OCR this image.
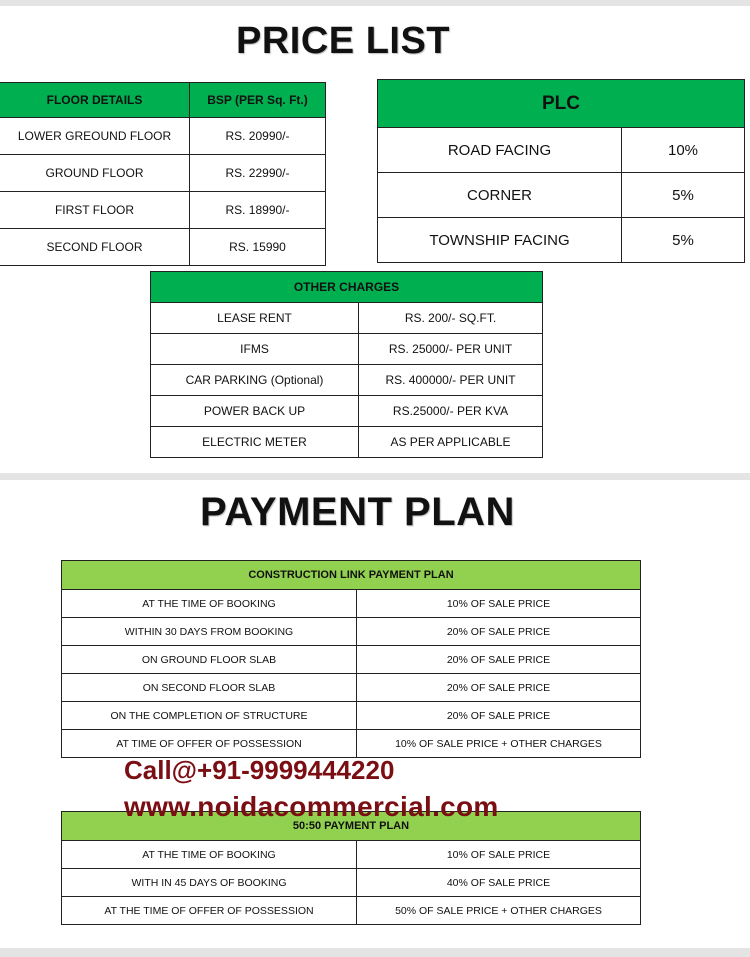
PRICE LIST
FLOOR DETAILS	BSP (PER Sq. Ft.)
LOWER GREOUND FLOOR	RS. 20990/-
GROUND FLOOR	RS. 22990/-
FIRST FLOOR	RS. 18990/-
SECOND FLOOR	RS. 15990
PLC	
ROAD FACING	10%
CORNER	5%
TOWNSHIP FACING	5%
OTHER CHARGES	
LEASE RENT	RS. 200/- SQ.FT.
IFMS	RS. 25000/- PER UNIT
CAR PARKING (Optional)	RS. 400000/- PER UNIT
POWER BACK UP	RS.25000/- PER KVA
ELECTRIC METER	AS PER APPLICABLE
PAYMENT PLAN
CONSTRUCTION LINK PAYMENT PLAN	
AT THE TIME OF BOOKING	10% OF SALE PRICE
WITHIN 30 DAYS FROM BOOKING	20% OF SALE PRICE
ON GROUND FLOOR SLAB	20% OF SALE PRICE
ON SECOND FLOOR SLAB	20% OF SALE PRICE
ON THE COMPLETION OF STRUCTURE	20% OF SALE PRICE
AT TIME OF OFFER OF POSSESSION	10% OF SALE PRICE + OTHER CHARGES
50:50 PAYMENT PLAN	
AT THE TIME OF BOOKING	10% OF SALE PRICE
WITH IN 45 DAYS OF BOOKING	40% OF SALE PRICE
AT THE TIME OF OFFER OF POSSESSION	50% OF SALE PRICE + OTHER CHARGES
Call@+91-9999444220
www.noidacommercial.com
